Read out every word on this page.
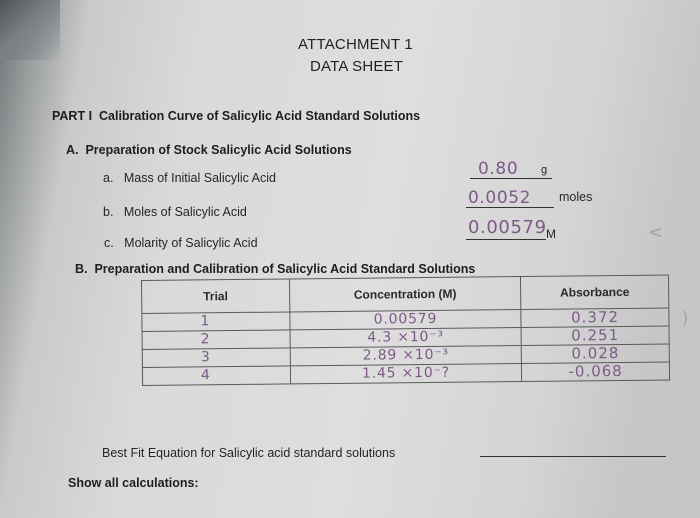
ATTACHMENT 1
DATA SHEET
PART I Calibration Curve of Salicylic Acid Standard Solutions
A. Preparation of Stock Salicylic Acid Solutions
a. Mass of Initial Salicylic Acid	0.80 g
b. Moles of Salicylic Acid
0.0052 moles
c. Molarity of Salicylic Acid
0.00579 M	<
B. Preparation and Calibration of Salicylic Acid Standard Solutions
Trial	Concentration (M)	Absorbance
1	0.00579	0.372
2	4.3 ×10⁻³	0.251
3	2.89 ×10⁻³	0.028
4	1.45 ×10⁻?	-0.068
)
Best Fit Equation for Salicylic acid standard solutions
Show all calculations:
